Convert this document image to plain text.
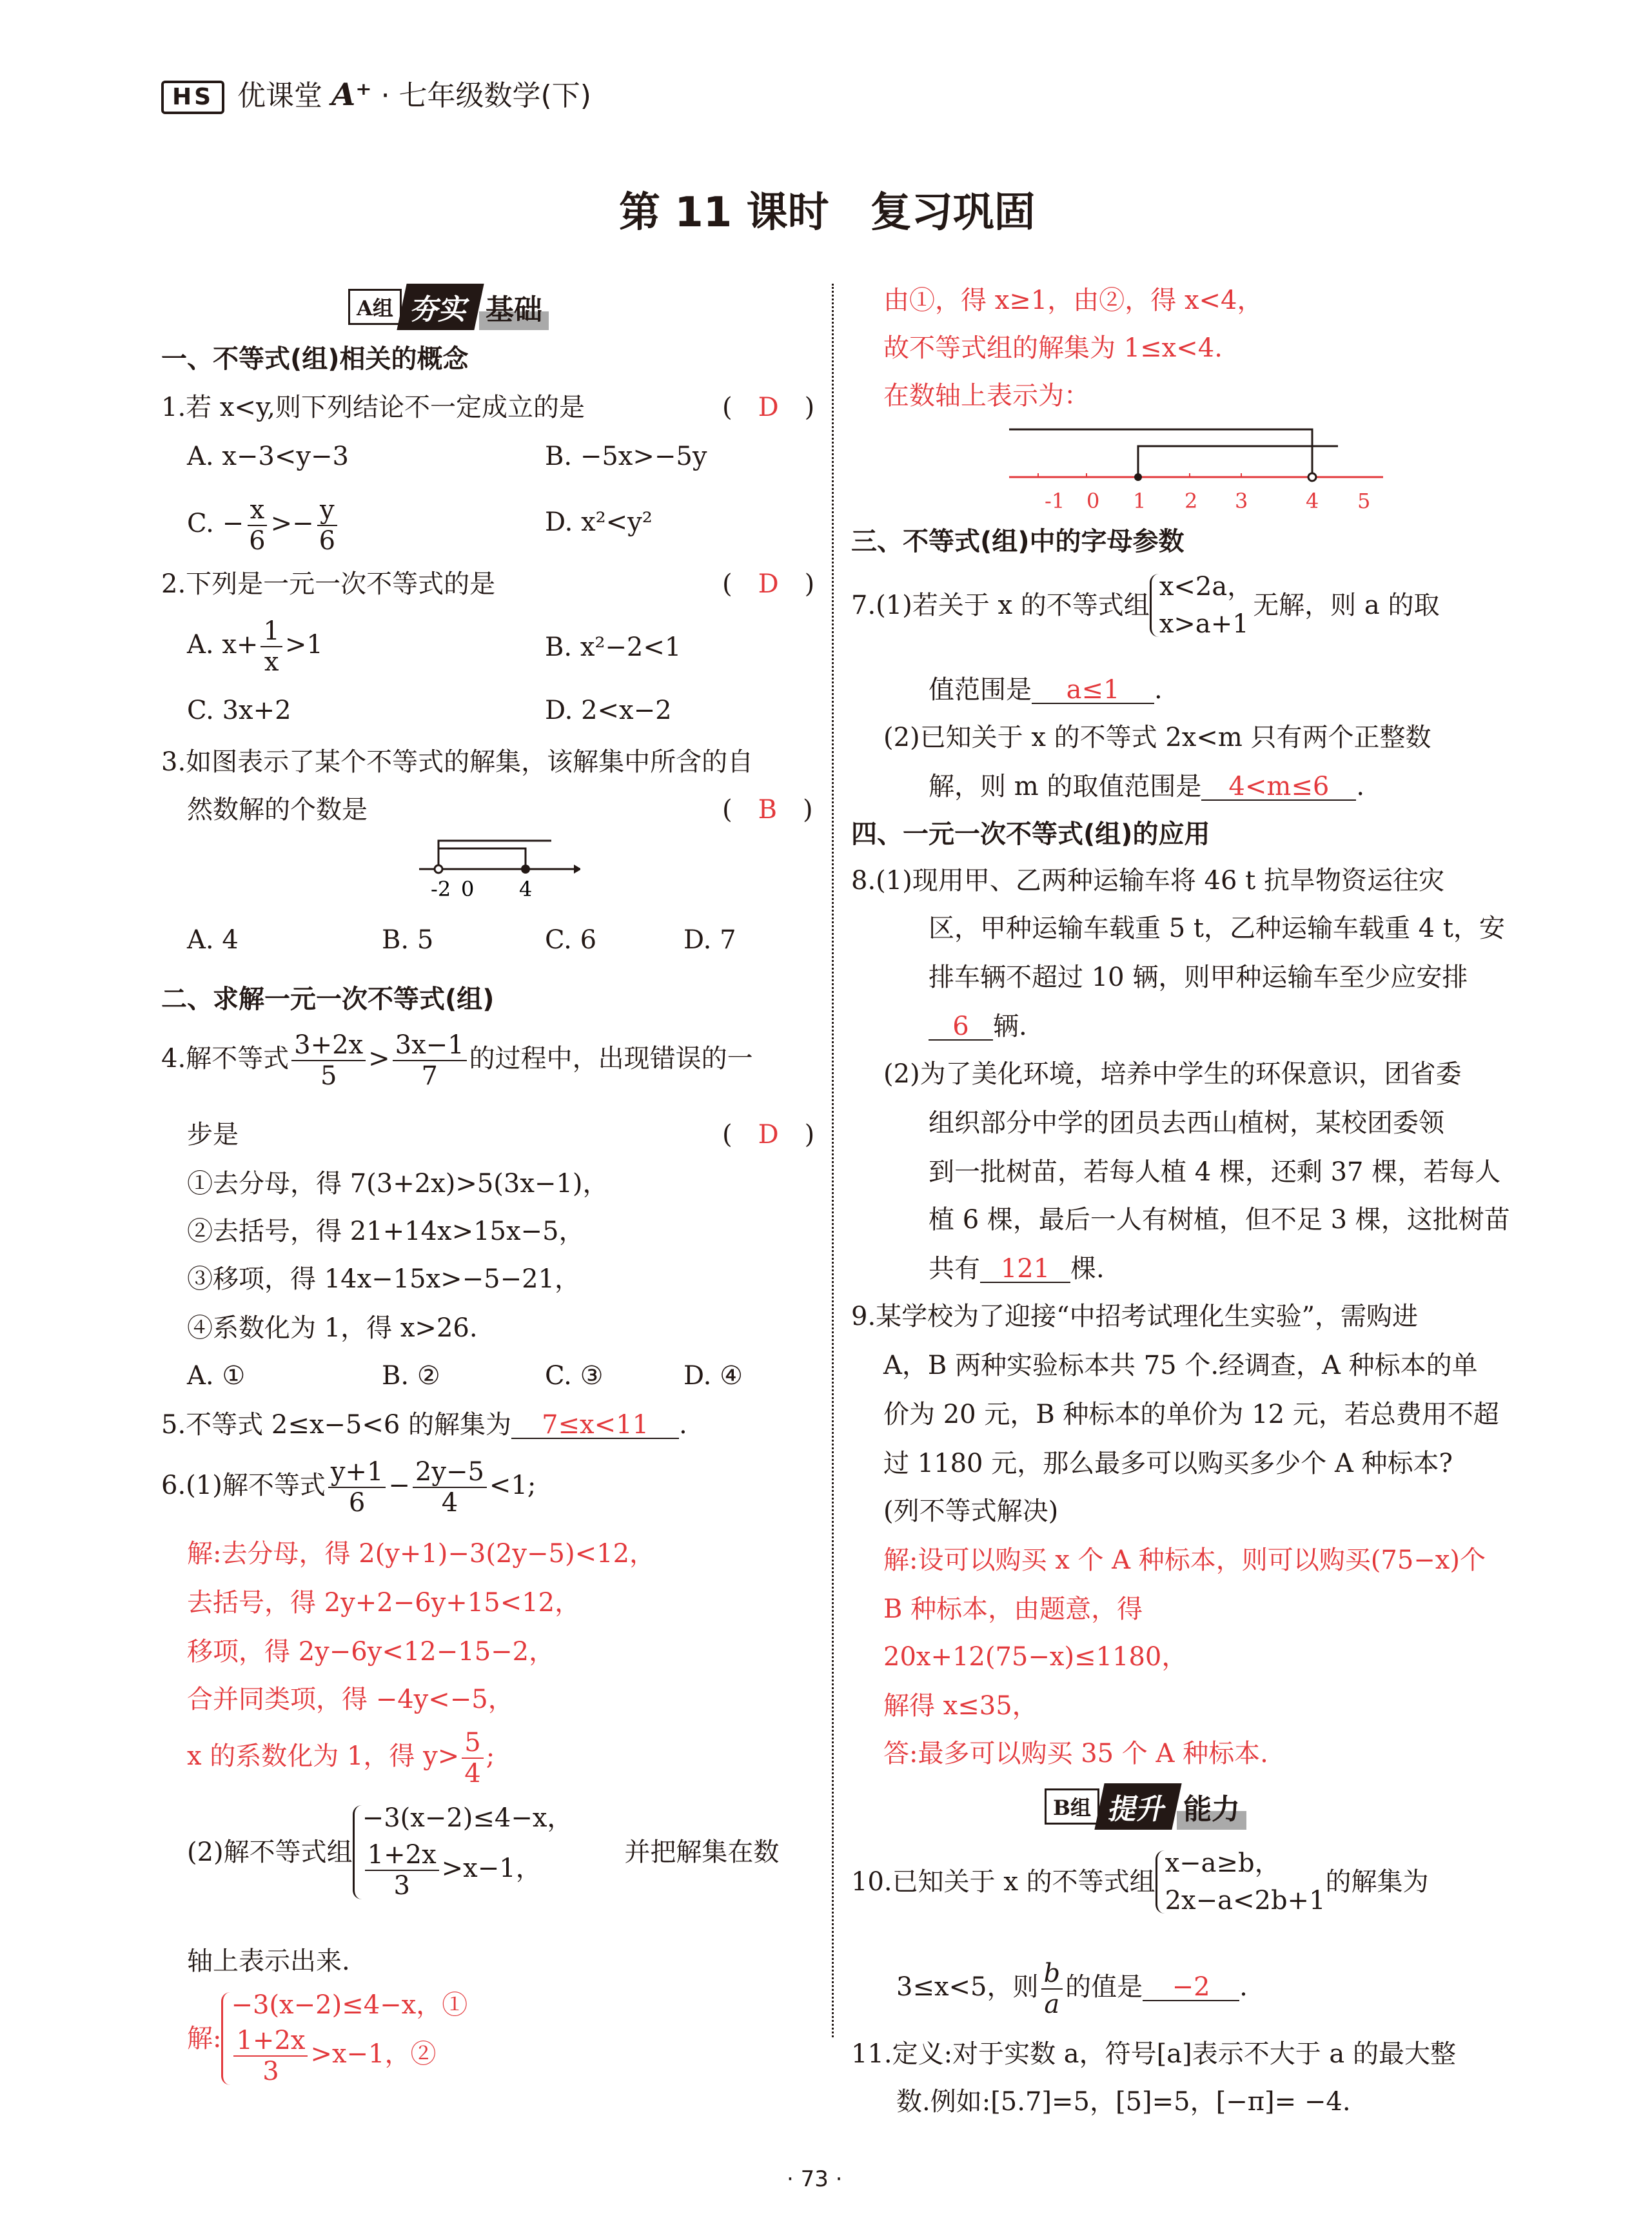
HS 优课堂 A⁺ · 七年级数学(下)
第 11 课时　复习巩固
A组 夯实 基础
一、不等式(组)相关的概念
1.若 x<y,则下列结论不一定成立的是	(　D　)
A. x−3<y−3	B. −5x>−5y
C. − $\frac{x}{6} >- \frac{y}{6}$	D. x²<y²
2.下列是一元一次不等式的是	(　D　)
A. $x+ \frac{1}{x} >1$	B. x²−2<1
C. 3x+2	D. 2<x−2
3.如图表示了某个不等式的解集，该解集中所含的自
然数解的个数是	(　B　)
-2 0 4
A. 4	B. 5	C. 6	D. 7
二、求解一元一次不等式(组)
4.解不等式 $\frac{3+2x}{5} > \frac{3x-1}{7}$ 的过程中，出现错误的一
步是	(　D　)
①去分母，得 7(3+2x)>5(3x−1)，
②去括号，得 21+14x>15x−5，
③移项，得 14x−15x>−5−21，
④系数化为 1，得 x>26.
A. ①	B. ②	C. ③	D. ④
5.不等式 2≤x−5<6 的解集为 7≤x<11 .
6.(1)解不等式 $\frac{y+1}{6} - \frac{2y-5}{4} <1$;
解:去分母，得 2(y+1)−3(2y−5)<12，
去括号，得 2y+2−6y+15<12，
移项，得 2y−6y<12−15−2，
合并同类项，得 −4y<−5，
x 的系数化为 1，得 $y> \frac{5}{4}$ ;
(2)解不等式组
−3(x−2)≤4−x，
$\frac{1+2x}{3} >x-1$，
并把解集在数
轴上表示出来.
解:
−3(x−2)≤4−x，①
$\frac{1+2x}{3} >x-1$，②
由①，得 x≥1，由②，得 x<4，
故不等式组的解集为 1≤x<4.
在数轴上表示为：
-1 0 1 2 3	4 5
三、不等式(组)中的字母参数
7.(1)若关于 x 的不等式组
x<2a，
x>a+1
无解，则 a 的取
值范围是 a≤1 .
(2)已知关于 x 的不等式 2x<m 只有两个正整数
解，则 m 的取值范围是 4<m≤6 .
四、一元一次不等式(组)的应用
8.(1)现用甲、乙两种运输车将 46 t 抗旱物资运往灾
区，甲种运输车载重 5 t，乙种运输车载重 4 t，安
排车辆不超过 10 辆，则甲种运输车至少应安排
6 辆.
(2)为了美化环境，培养中学生的环保意识，团省委
组织部分中学的团员去西山植树，某校团委领
到一批树苗，若每人植 4 棵，还剩 37 棵，若每人
植 6 棵，最后一人有树植，但不足 3 棵，这批树苗
共有 121 棵.
9.某学校为了迎接“中招考试理化生实验”，需购进
A，B 两种实验标本共 75 个.经调查，A 种标本的单
价为 20 元，B 种标本的单价为 12 元，若总费用不超
过 1180 元，那么最多可以购买多少个 A 种标本?
(列不等式解决)
解:设可以购买 x 个 A 种标本，则可以购买(75−x)个
B 种标本，由题意，得
20x+12(75−x)≤1180，
解得 x≤35，
答:最多可以购买 35 个 A 种标本.
B组 提升 能力
10.已知关于 x 的不等式组
x−a≥b，
2x−a<2b+1
的解集为
3≤x<5，则 $\frac{b}{a}$ 的值是 −2 .
11.定义:对于实数 a，符号[a]表示不大于 a 的最大整
数.例如:[5.7]=5，[5]=5，[−π]= −4.
· 73 ·
